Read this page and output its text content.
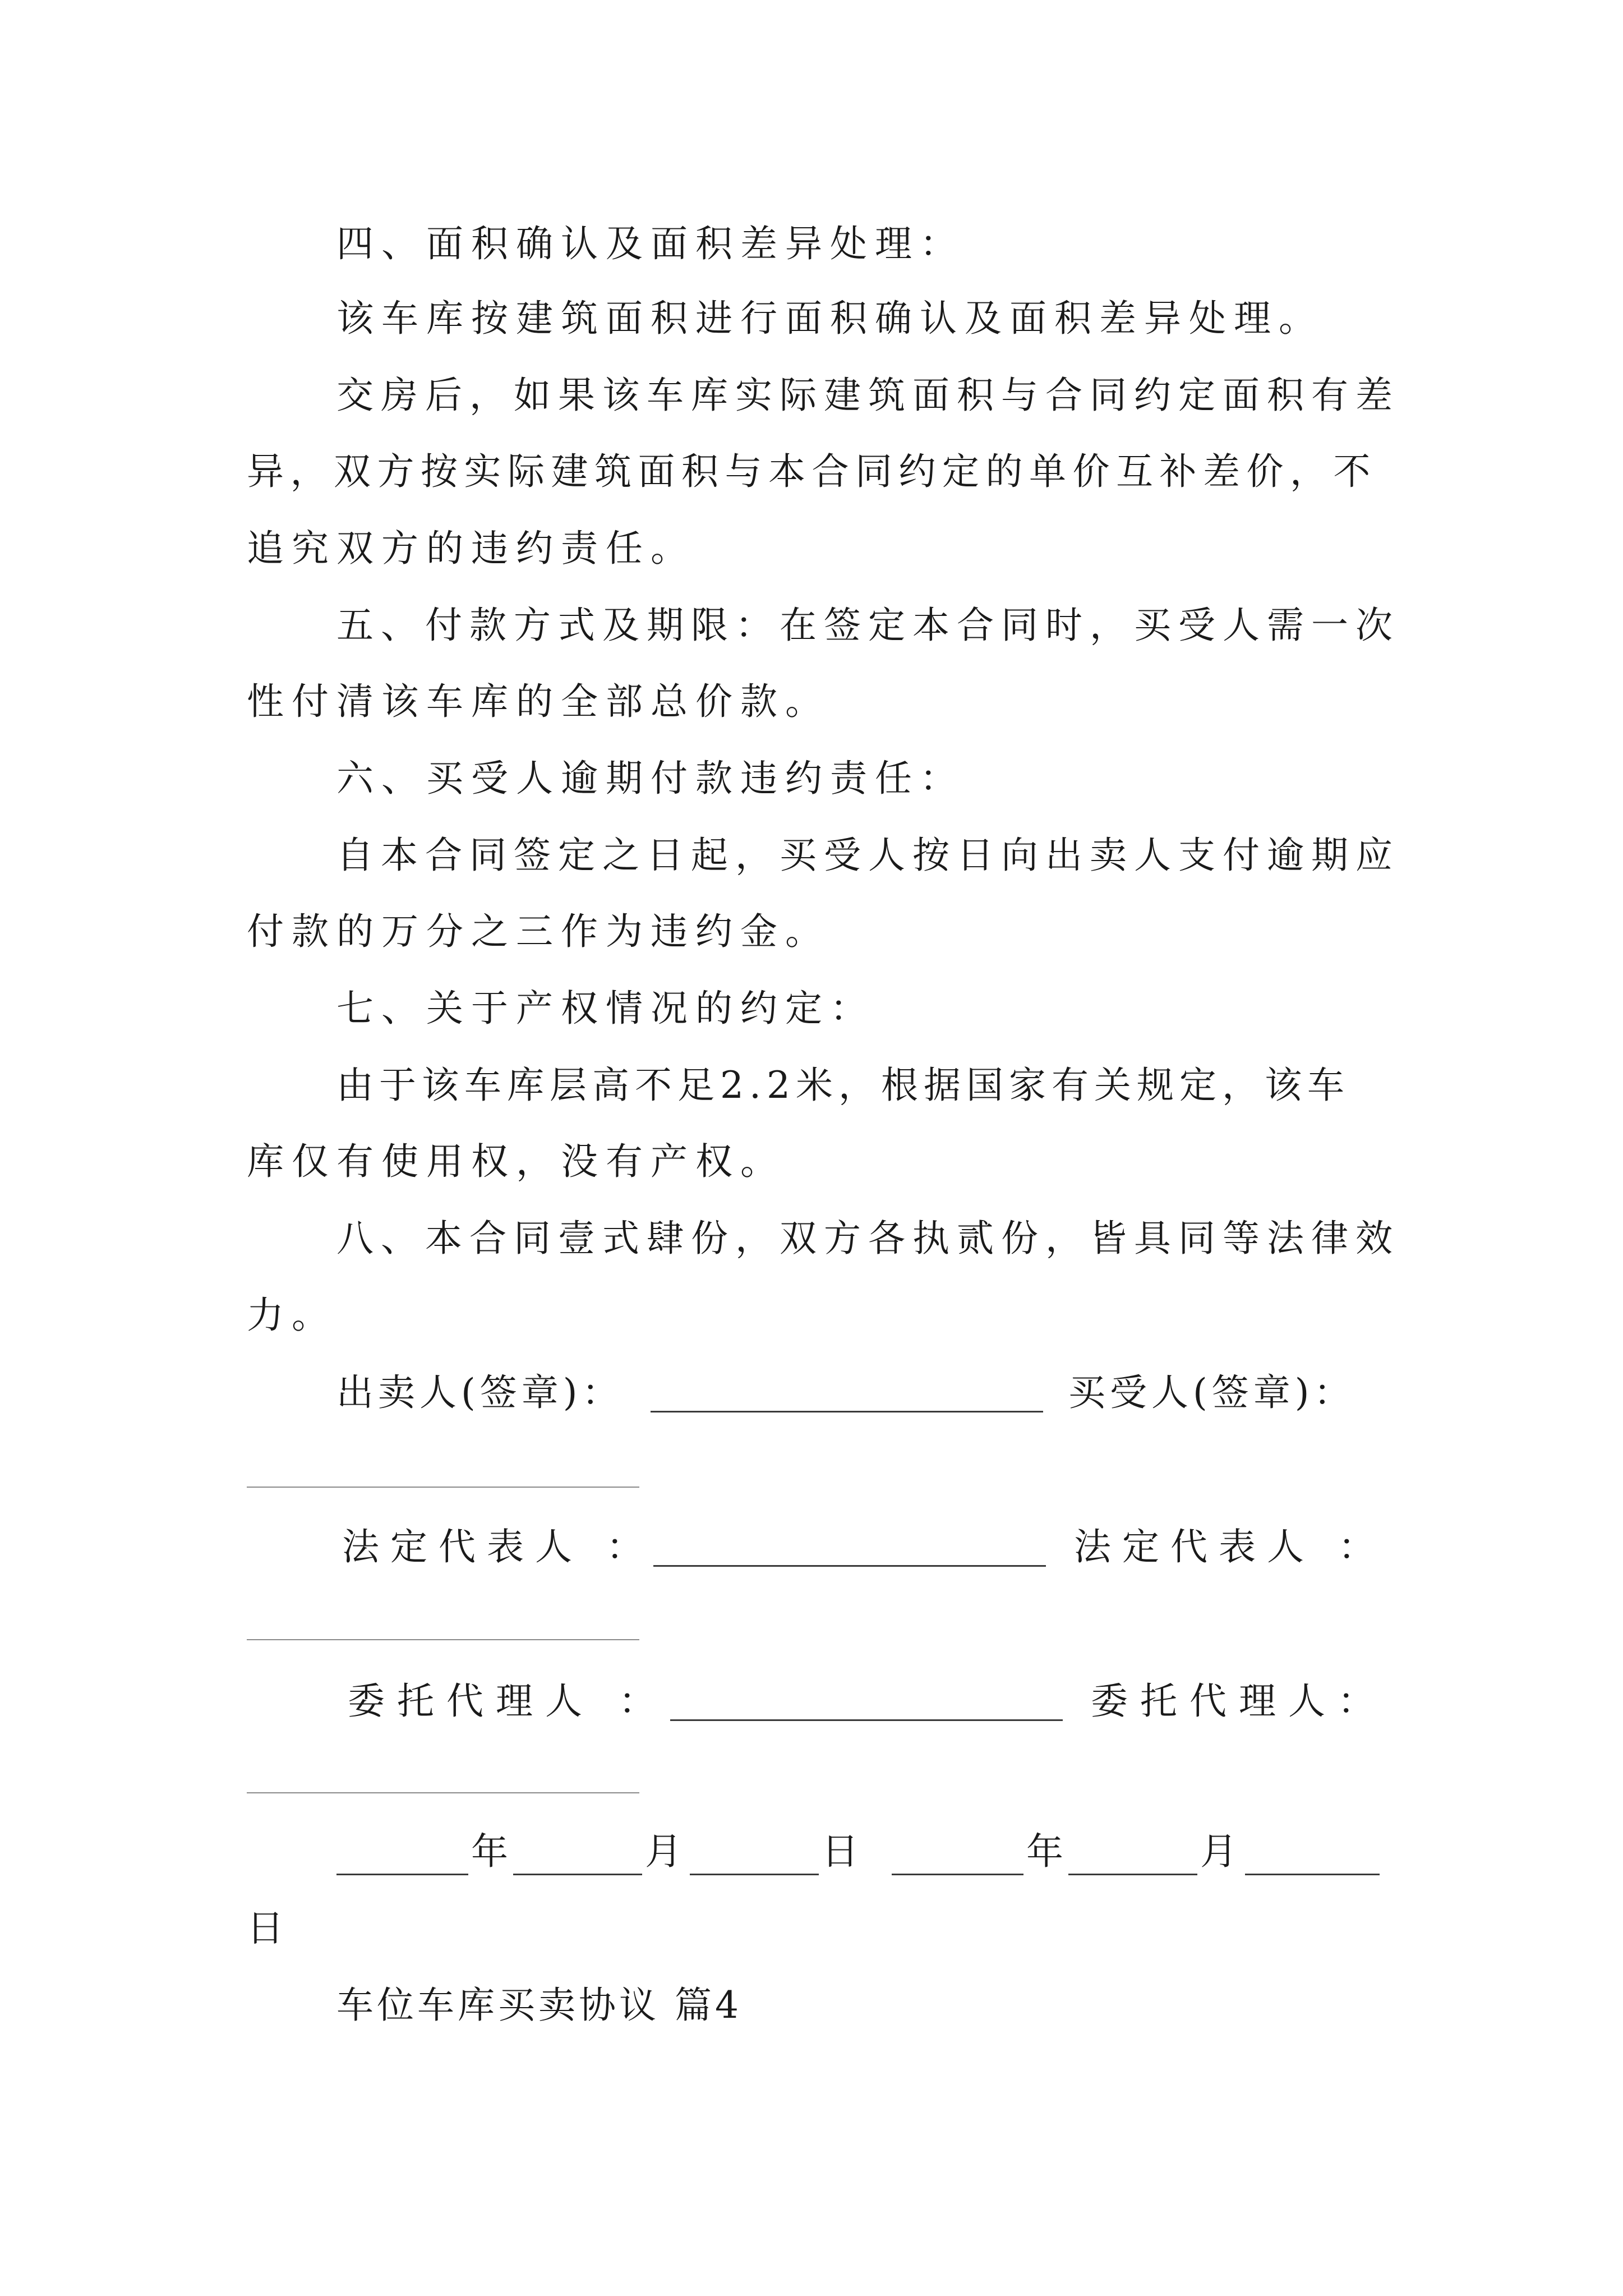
四、面积确认及面积差异处理：
该车库按建筑面积进行面积确认及面积差异处理。
交房后，如果该车库实际建筑面积与合同约定面积有差
异，双方按实际建筑面积与本合同约定的单价互补差价，不
追究双方的违约责任。
五、付款方式及期限：在签定本合同时，买受人需一次
性付清该车库的全部总价款。
六、买受人逾期付款违约责任：
自本合同签定之日起，买受人按日向出卖人支付逾期应
付款的万分之三作为违约金。
七、关于产权情况的约定：
由于该车库层高不足2.2米，根据国家有关规定，该车
库仅有使用权，没有产权。
八、本合同壹式肆份，双方各执贰份，皆具同等法律效
力。
出卖人(签章)：	买受人(签章)：
法定代表人 ：	法定代表人 ：
委托代理人 ：	委托代理人：
年	月	日	年	月
日
车位车库买卖协议 篇4
